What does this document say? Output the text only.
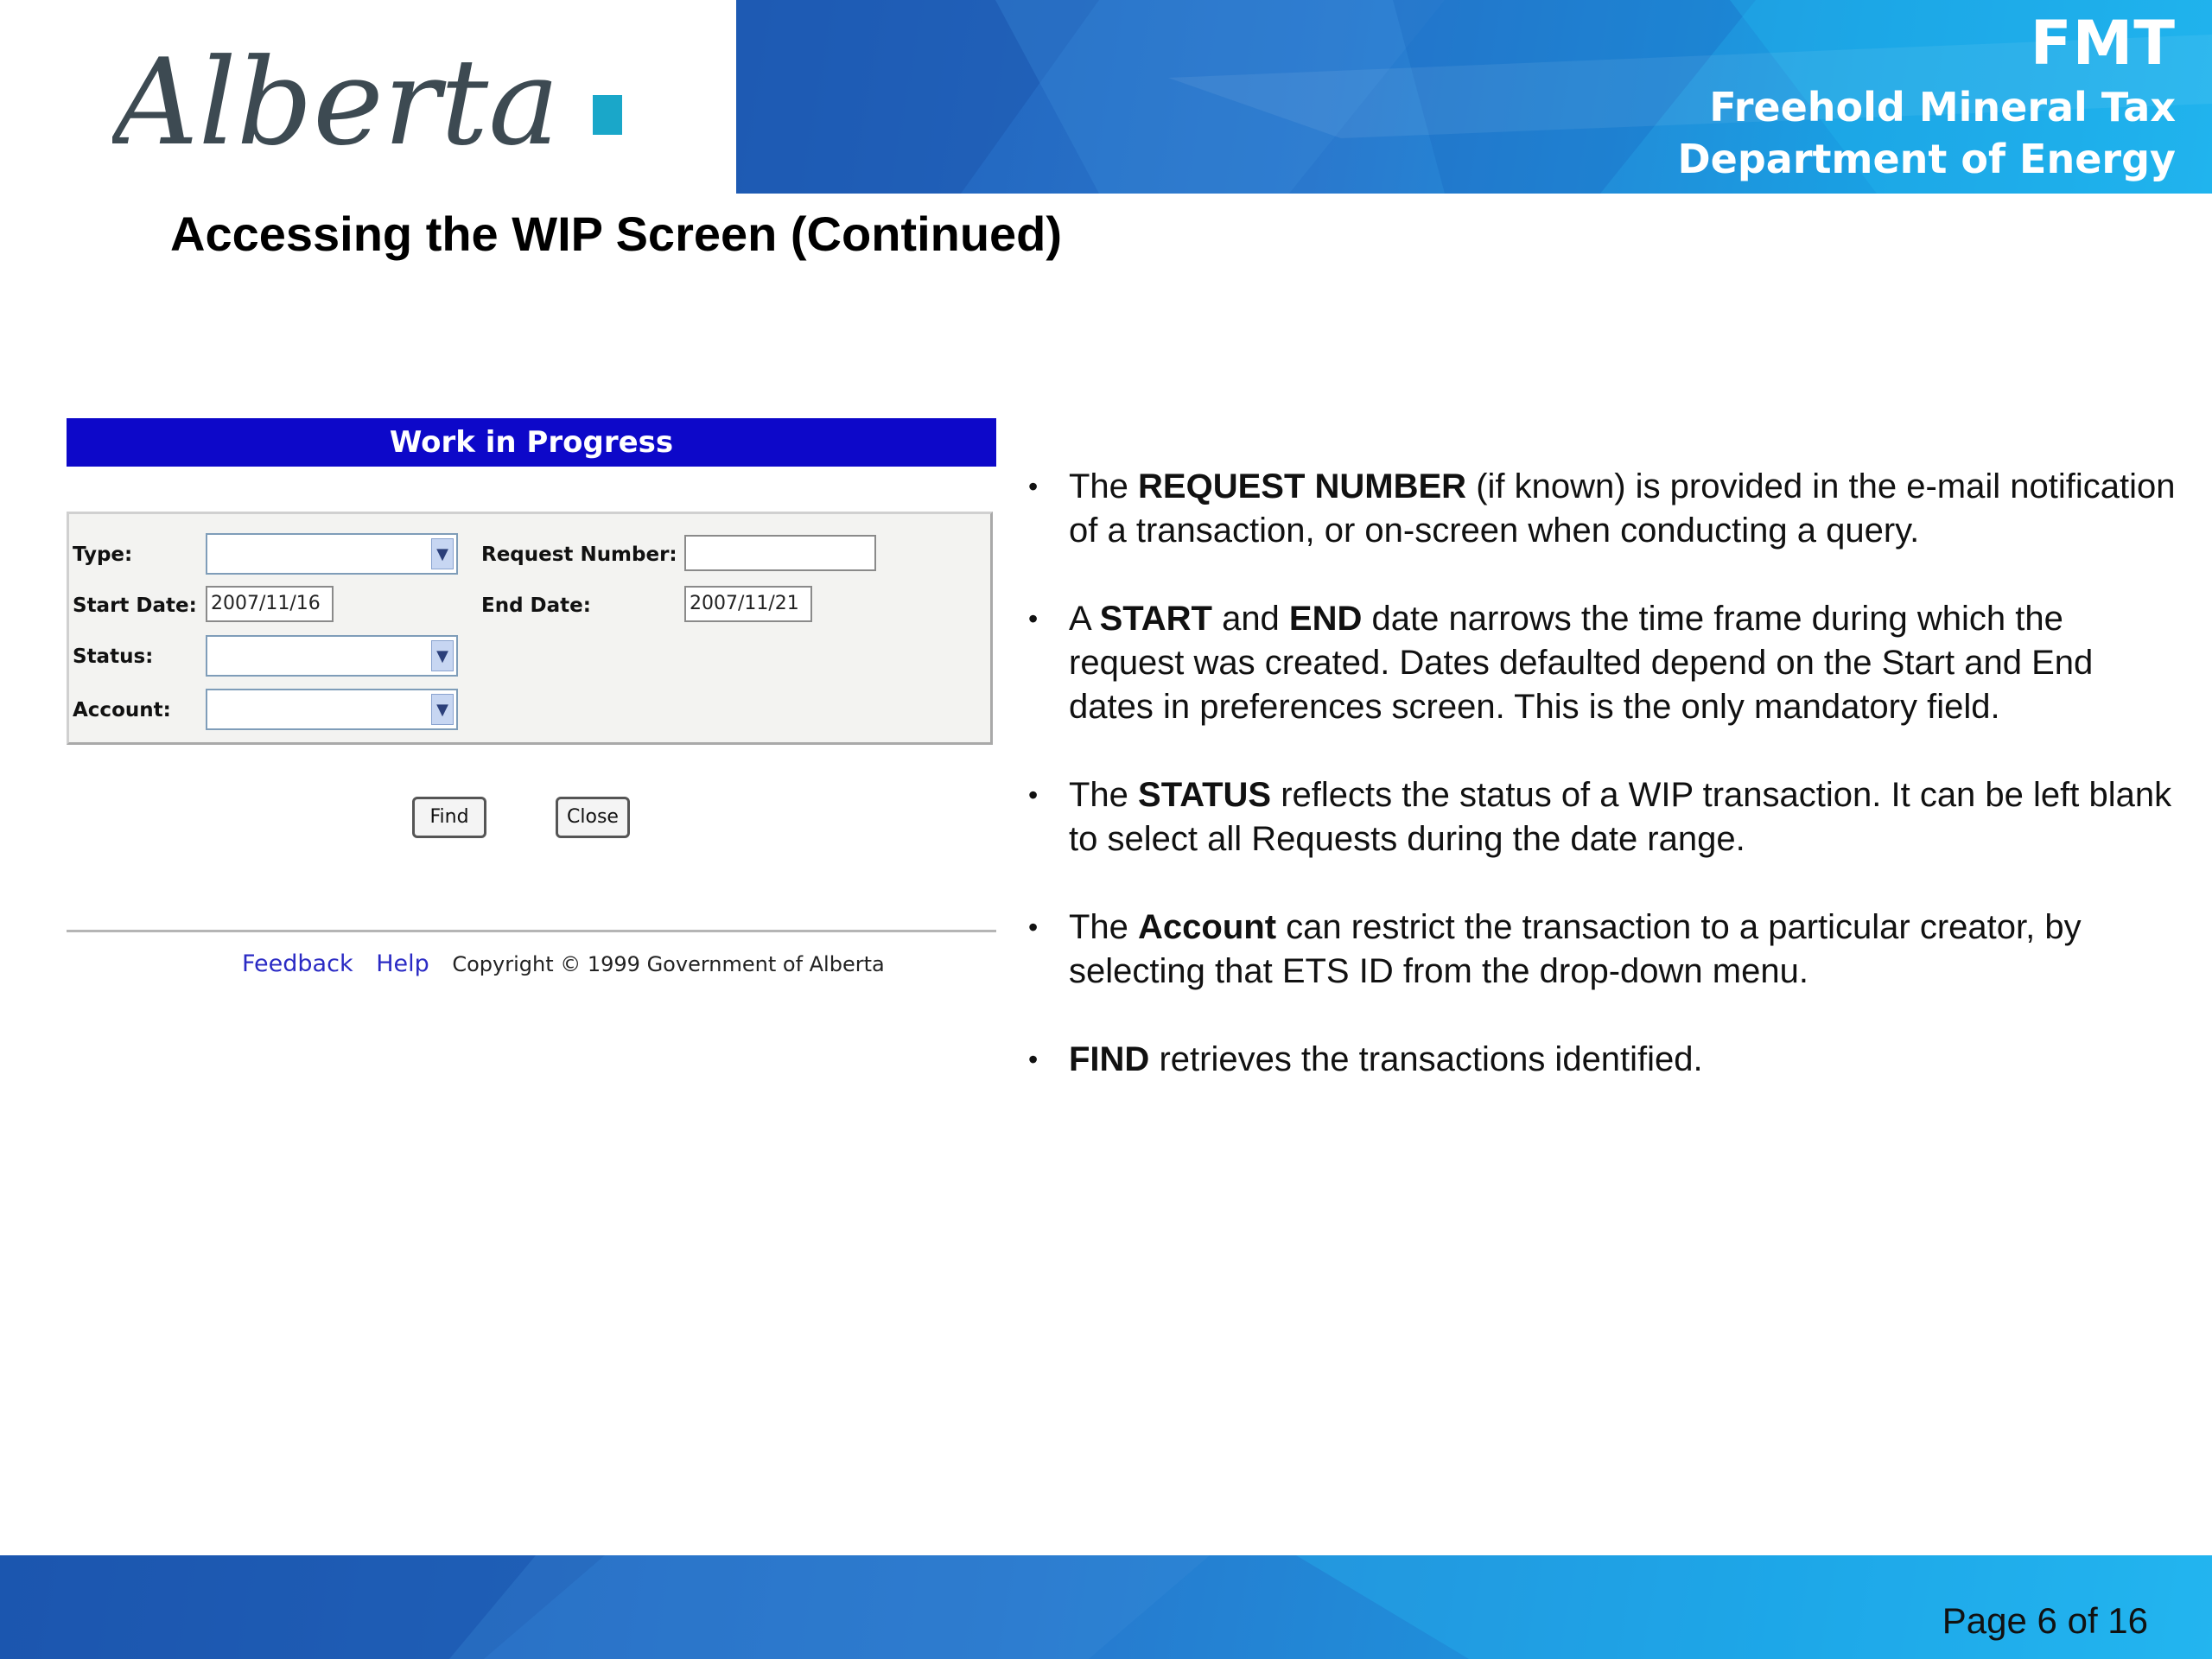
Alberta	FMT
Freehold Mineral Tax
Department of Energy
Accessing the WIP Screen (Continued)
Work in Progress
Type:	▼ Request Number:
Start Date: 2007/11/16	End Date:	2007/11/21
Status:	▼
Account:	▼
Find	Close
Feedback Help Copyright © 1999 Government of Alberta
• The REQUEST NUMBER (if known) is provided in the e-mail notification of a transaction, or on-screen when conducting a query.
• A START and END date narrows the time frame during which the request was created. Dates defaulted depend on the Start and End dates in preferences screen. This is the only mandatory field.
• The STATUS reflects the status of a WIP transaction. It can be left blank to select all Requests during the date range.
• The Account can restrict the transaction to a particular creator, by selecting that ETS ID from the drop-down menu.
• FIND retrieves the transactions identified.
Page 6 of 16
